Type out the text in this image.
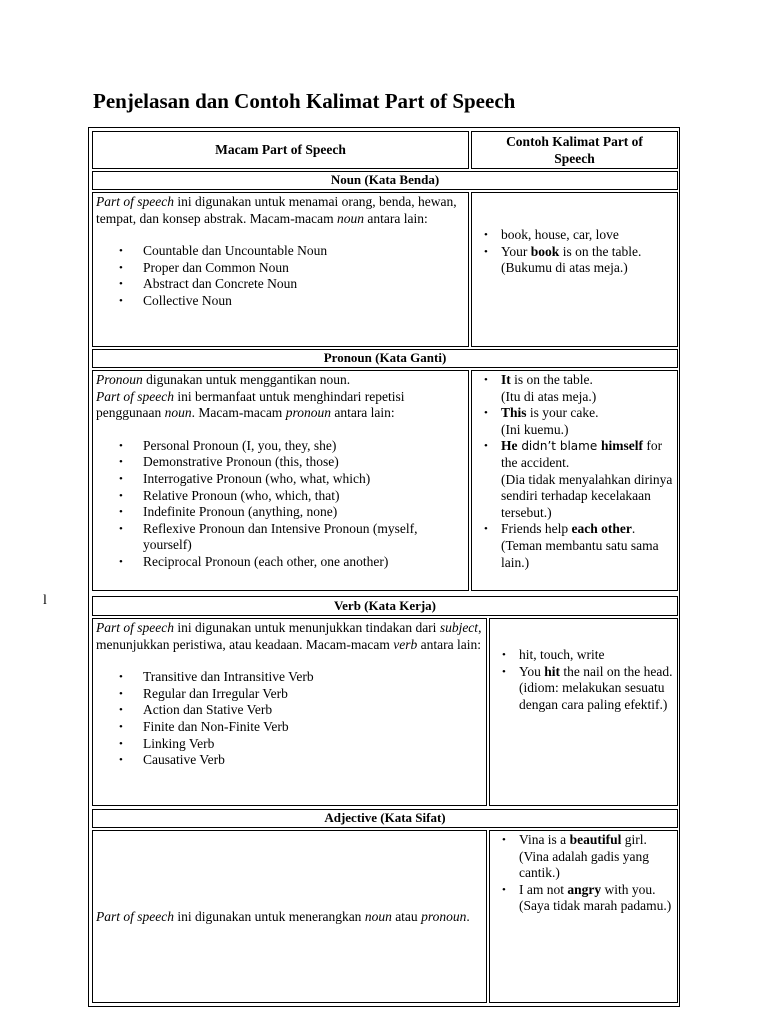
Penjelasan dan Contoh Kalimat Part of Speech
l
Macam Part of Speech
Contoh Kalimat Part of Speech
Noun (Kata Benda)
Part of speech ini digunakan untuk menamai orang, benda, hewan, tempat, dan konsep abstrak. Macam-macam noun antara lain:
• Countable dan Uncountable Noun
• Proper dan Common Noun
• Abstract dan Concrete Noun
• Collective Noun
• book, house, car, love
• Your book is on the table.
(Bukumu di atas meja.)
Pronoun (Kata Ganti)
Pronoun digunakan untuk menggantikan noun.
Part of speech ini bermanfaat untuk menghindari repetisi penggunaan noun. Macam-macam pronoun antara lain:
• Personal Pronoun (I, you, they, she)
• Demonstrative Pronoun (this, those)
• Interrogative Pronoun (who, what, which)
• Relative Pronoun (who, which, that)
• Indefinite Pronoun (anything, none)
• Reflexive Pronoun dan Intensive Pronoun (myself, yourself)
• Reciprocal Pronoun (each other, one another)
• It is on the table.
(Itu di atas meja.)
• This is your cake.
(Ini kuemu.)
• He didn’t blame himself for the accident.
(Dia tidak menyalahkan dirinya sendiri terhadap kecelakaan tersebut.)
• Friends help each other.
(Teman membantu satu sama lain.)
Verb (Kata Kerja)
Part of speech ini digunakan untuk menunjukkan tindakan dari subject, menunjukkan peristiwa, atau keadaan. Macam-macam verb antara lain:
• Transitive dan Intransitive Verb
• Regular dan Irregular Verb
• Action dan Stative Verb
• Finite dan Non-Finite Verb
• Linking Verb
• Causative Verb
• hit, touch, write
• You hit the nail on the head.
(idiom: melakukan sesuatu dengan cara paling efektif.)
Adjective (Kata Sifat)
Part of speech ini digunakan untuk menerangkan noun atau pronoun.
• Vina is a beautiful girl.
(Vina adalah gadis yang cantik.)
• I am not angry with you.
(Saya tidak marah padamu.)
